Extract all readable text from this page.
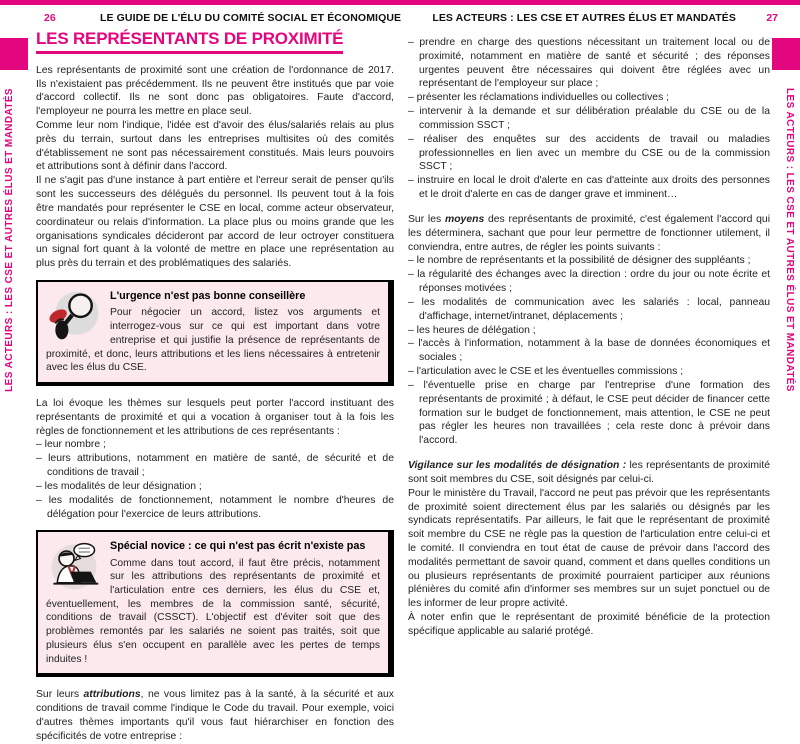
26	LE GUIDE DE L'ÉLU DU COMITÉ SOCIAL ET ÉCONOMIQUE	LES ACTEURS : LES CSE ET AUTRES ÉLUS ET MANDATÉS	27
LES ACTEURS : LES CSE ET AUTRES ÉLUS ET MANDATÉS	LES ACTEURS : LES CSE ET AUTRES ÉLUS ET MANDATÉS
LES REPRÉSENTANTS DE PROXIMITÉ

Les représentants de proximité sont une création de l'ordonnance de 2017. Ils n'existaient pas précédemment. Ils ne peuvent être institués que par voie d'accord collectif. Ils ne sont donc pas obligatoires. Faute d'accord, l'employeur ne pourra les mettre en place seul.

Comme leur nom l'indique, l'idée est d'avoir des élus/salariés relais au plus près du terrain, surtout dans les entreprises multisites où des comités d'établissement ne sont pas nécessairement constitués. Mais leurs pouvoirs et attributions sont à définir dans l'accord.

Il ne s'agit pas d'une instance à part entière et l'erreur serait de penser qu'ils sont les successeurs des délégués du personnel. Ils peuvent tout à la fois être mandatés pour représenter le CSE en local, comme acteur observateur, coordinateur ou relais d'information. La place plus ou moins grande que les organisations syndicales décideront par accord de leur octroyer constituera un signal fort quant à la volonté de mettre en place une représentation au plus près du terrain et des problématiques des salariés.

L'urgence n'est pas bonne conseillère
Pour négocier un accord, listez vos arguments et interrogez-vous sur ce qui est important dans votre entreprise et qui justifie la présence de représentants de proximité, et donc, leurs attributions et les liens nécessaires à entretenir avec les élus du CSE.

La loi évoque les thèmes sur lesquels peut porter l'accord instituant des représentants de proximité et qui a vocation à organiser tout à la fois les règles de fonctionnement et les attributions de ces représentants :

– leur nombre ;
– leurs attributions, notamment en matière de santé, de sécurité et de conditions de travail ;
– les modalités de leur désignation ;
– les modalités de fonctionnement, notamment le nombre d'heures de délégation pour l'exercice de leurs attributions.
Spécial novice : ce qui n'est pas écrit n'existe pas
Comme dans tout accord, il faut être précis, notamment sur les attributions des représentants de proximité et l'articulation entre ces derniers, les élus du CSE et, éventuellement, les membres de la commission santé, sécurité, conditions de travail (CSSCT). L'objectif est d'éviter soit que des problèmes remontés par les salariés ne soient pas traités, soit que plusieurs élus s'en occupent en parallèle avec les pertes de temps induites !

Sur leurs attributions, ne vous limitez pas à la santé, à la sécurité et aux conditions de travail comme l'indique le Code du travail. Pour exemple, voici d'autres thèmes importants qu'il vous faut hiérarchiser en fonction des spécificités de votre entreprise :

– prendre en charge des questions nécessitant un traitement local ou de proximité, notamment en matière de santé et sécurité ; des réponses urgentes peuvent être nécessaires qui doivent être réglées avec un représentant de l'employeur sur place ;
– présenter les réclamations individuelles ou collectives ;
– intervenir à la demande et sur délibération préalable du CSE ou de la commission SSCT ;
– réaliser des enquêtes sur des accidents de travail ou maladies professionnelles en lien avec un membre du CSE ou de la commission SSCT ;
– instruire en local le droit d'alerte en cas d'atteinte aux droits des personnes et le droit d'alerte en cas de danger grave et imminent…

Sur les moyens des représentants de proximité, c'est également l'accord qui les déterminera, sachant que pour leur permettre de fonctionner utilement, il conviendra, entre autres, de régler les points suivants :

– le nombre de représentants et la possibilité de désigner des suppléants ;
– la régularité des échanges avec la direction : ordre du jour ou note écrite et réponses motivées ;
– les modalités de communication avec les salariés : local, panneau d'affichage, internet/intranet, déplacements ;
– les heures de délégation ;
– l'accès à l'information, notamment à la base de données économiques et sociales ;
– l'articulation avec le CSE et les éventuelles commissions ;
– l'éventuelle prise en charge par l'entreprise d'une formation des représentants de proximité ; à défaut, le CSE peut décider de financer cette formation sur le budget de fonctionnement, mais attention, le CSE ne peut pas régler les heures non travaillées ; cela reste donc à prévoir dans l'accord.

Vigilance sur les modalités de désignation : les représentants de proximité sont soit membres du CSE, soit désignés par celui-ci.

Pour le ministère du Travail, l'accord ne peut pas prévoir que les représentants de proximité soient directement élus par les salariés ou désignés par les syndicats représentatifs. Par ailleurs, le fait que le représentant de proximité soit membre du CSE ne règle pas la question de l'articulation entre celui-ci et le comité. Il conviendra en tout état de cause de prévoir dans l'accord des modalités permettant de savoir quand, comment et dans quelles conditions un ou plusieurs représentants de proximité pourraient participer aux réunions plénières du comité afin d'informer ses membres sur un sujet ponctuel ou de les informer de leur propre activité.

À noter enfin que le représentant de proximité bénéficie de la protection spécifique applicable au salarié protégé.
